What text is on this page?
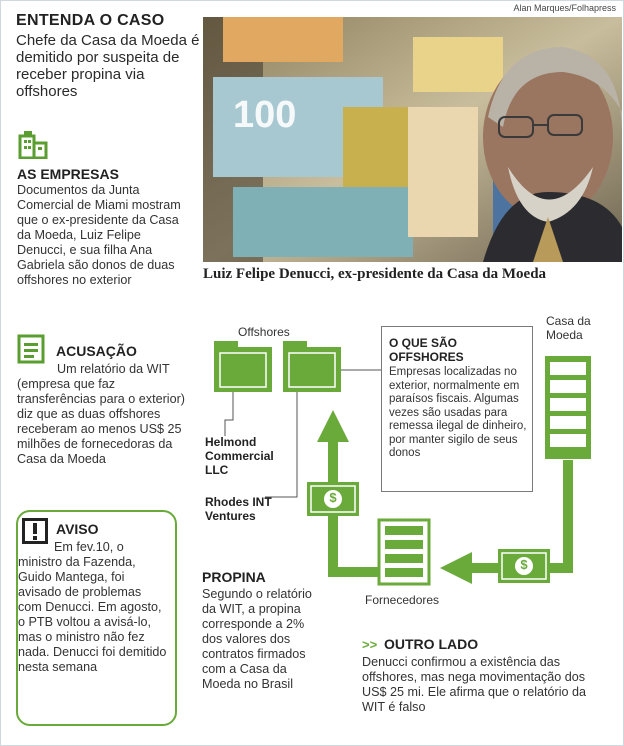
Alan Marques/Folhapress
ENTENDA O CASO
Chefe da Casa da Moeda é demitido por suspeita de receber propina via offshores
AS EMPRESAS
Documentos da Junta Comercial de Miami mostram que o ex-presidente da Casa da Moeda, Luiz Felipe Denucci, e sua filha Ana Gabriela são donos de duas offshores no exterior
ACUSAÇÃO
Um relatório da WIT (empresa que faz transferências para o exterior) diz que as duas offshores receberam ao menos US$ 25 milhões de fornecedoras da Casa da Moeda
AVISO
Em fev.10, o ministro da Fazenda, Guido Mantega, foi avisado de problemas com Denucci. Em agosto, o PTB voltou a avisá-lo, mas o ministro não fez nada. Denucci foi demitido nesta semana
100
Luiz Felipe Denucci, ex-presidente da Casa da Moeda
$
$
Offshores
Casa da Moeda
Fornecedores
Helmond Commercial LLC
Rhodes INT Ventures
O QUE SÃO OFFSHORES
Empresas localizadas no exterior, normalmente em paraísos fiscais. Algumas vezes são usadas para remessa ilegal de dinheiro, por manter sigilo de seus donos
PROPINA
Segundo o relatório da WIT, a propina corresponde a 2% dos valores dos contratos firmados com a Casa da Moeda no Brasil
>> OUTRO LADO
Denucci confirmou a existência das offshores, mas nega movimentação dos US$ 25 mi. Ele afirma que o relatório da WIT é falso
